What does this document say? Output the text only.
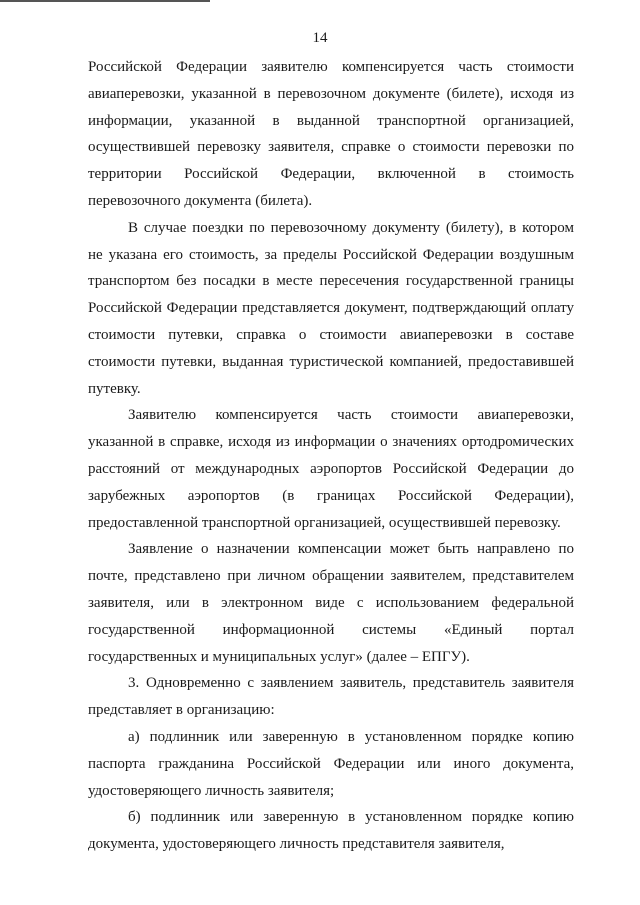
14

Российской Федерации заявителю компенсируется часть стоимости авиаперевозки, указанной в перевозочном документе (билете), исходя из информации, указанной в выданной транспортной организацией, осуществившей перевозку заявителя, справке о стоимости перевозки по территории Российской Федерации, включенной в стоимость перевозочного документа (билета).

В случае поездки по перевозочному документу (билету), в котором не указана его стоимость, за пределы Российской Федерации воздушным транспортом без посадки в месте пересечения государственной границы Российской Федерации представляется документ, подтверждающий оплату стоимости путевки, справка о стоимости авиаперевозки в составе стоимости путевки, выданная туристической компанией, предоставившей путевку.

Заявителю компенсируется часть стоимости авиаперевозки, указанной в справке, исходя из информации о значениях ортодромических расстояний от международных аэропортов Российской Федерации до зарубежных аэропортов (в границах Российской Федерации), предоставленной транспортной организацией, осуществившей перевозку.

Заявление о назначении компенсации может быть направлено по почте, представлено при личном обращении заявителем, представителем заявителя, или в электронном виде с использованием федеральной государственной информационной системы «Единый портал государственных и муниципальных услуг» (далее – ЕПГУ).

3. Одновременно с заявлением заявитель, представитель заявителя представляет в организацию:

а) подлинник или заверенную в установленном порядке копию паспорта гражданина Российской Федерации или иного документа, удостоверяющего личность заявителя;

б) подлинник или заверенную в установленном порядке копию документа, удостоверяющего личность представителя заявителя,
